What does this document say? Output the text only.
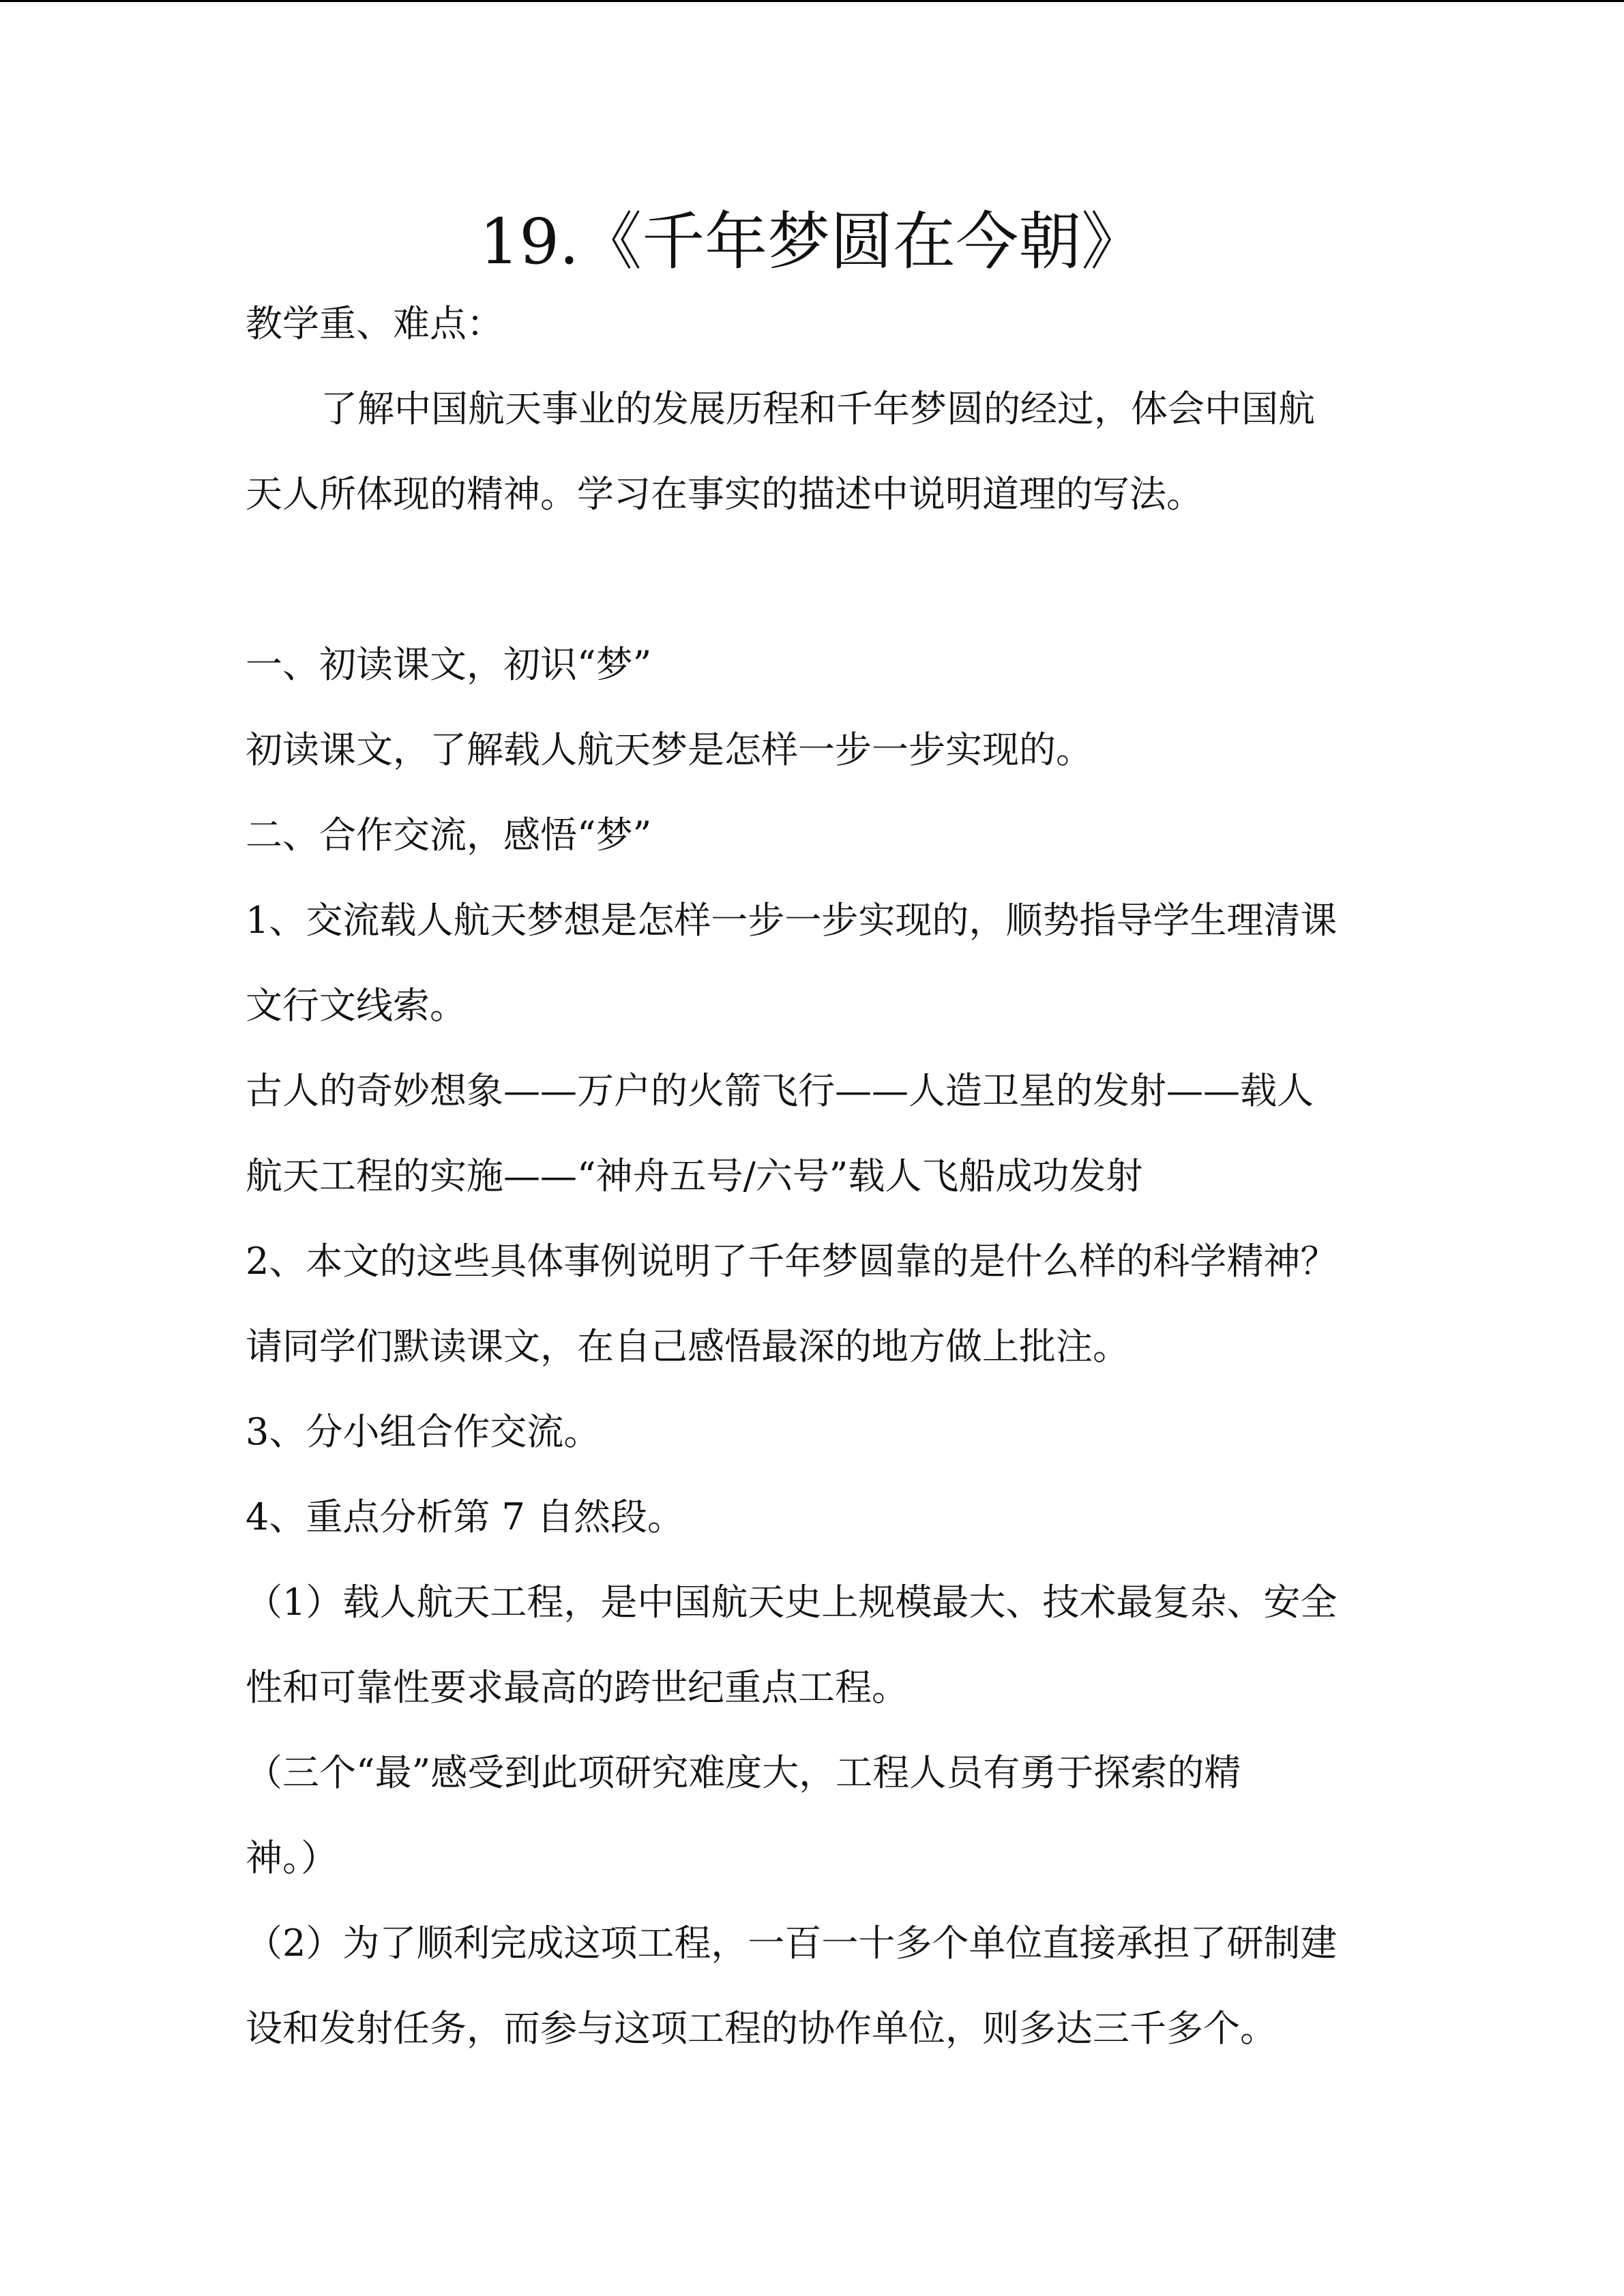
19.《千年梦圆在今朝》
教学重、难点：
了解中国航天事业的发展历程和千年梦圆的经过，体会中国航
天人所体现的精神。学习在事实的描述中说明道理的写法。
一、初读课文，初识“梦”
初读课文，了解载人航天梦是怎样一步一步实现的。
二、合作交流，感悟“梦”
1、交流载人航天梦想是怎样一步一步实现的，顺势指导学生理清课
文行文线索。
古人的奇妙想象——万户的火箭飞行——人造卫星的发射——载人
航天工程的实施——“神舟五号/六号”载人飞船成功发射
2、本文的这些具体事例说明了千年梦圆靠的是什么样的科学精神？
请同学们默读课文，在自己感悟最深的地方做上批注。
3、分小组合作交流。
4、重点分析第 7 自然段。
（1）载人航天工程，是中国航天史上规模最大、技术最复杂、安全
性和可靠性要求最高的跨世纪重点工程。
（三个“最”感受到此项研究难度大，工程人员有勇于探索的精
神。）
（2）为了顺利完成这项工程，一百一十多个单位直接承担了研制建
设和发射任务，而参与这项工程的协作单位，则多达三千多个。
